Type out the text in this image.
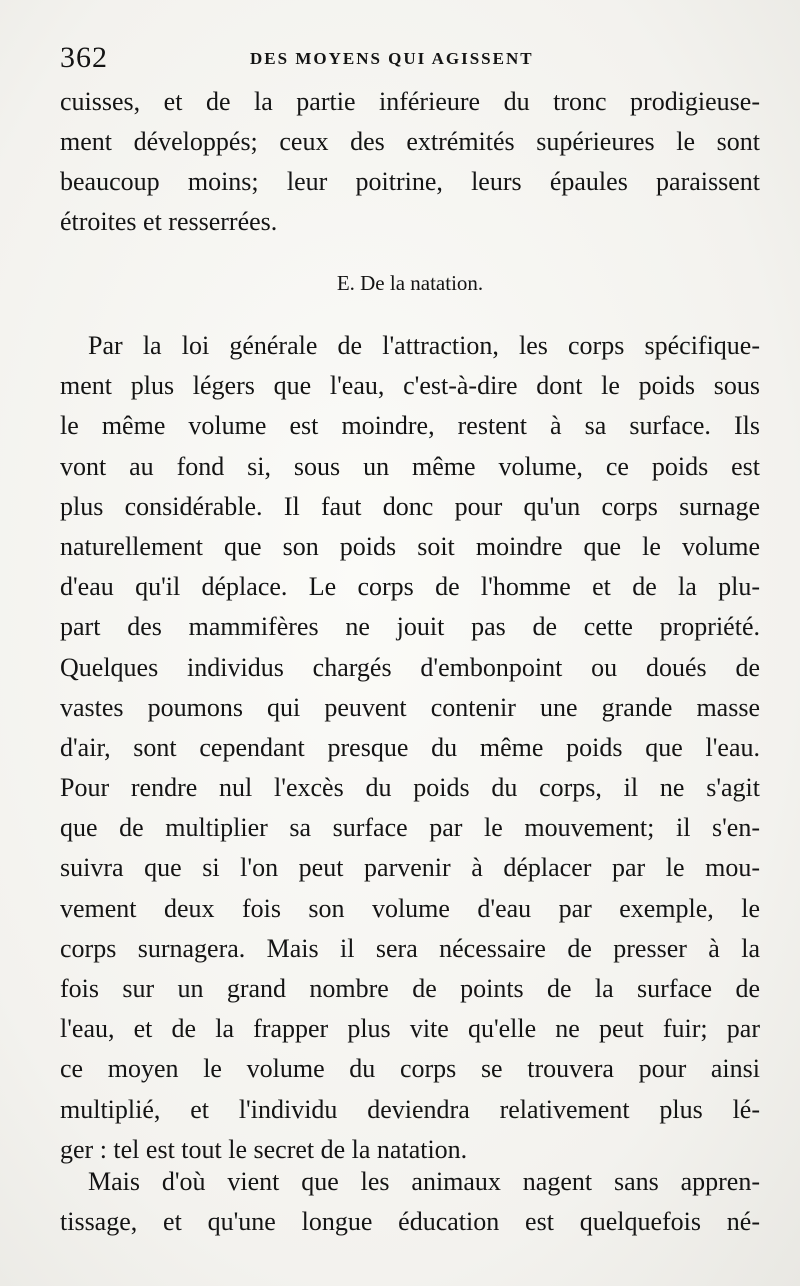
362	DES MOYENS QUI AGISSENT
cuisses, et de la partie inférieure du tronc prodigieuse-
ment développés; ceux des extrémités supérieures le sont
beaucoup moins; leur poitrine, leurs épaules paraissent
étroites et resserrées.
E. De la natation.
Par la loi générale de l'attraction, les corps spécifique-
ment plus légers que l'eau, c'est-à-dire dont le poids sous
le même volume est moindre, restent à sa surface. Ils
vont au fond si, sous un même volume, ce poids est
plus considérable. Il faut donc pour qu'un corps surnage
naturellement que son poids soit moindre que le volume
d'eau qu'il déplace. Le corps de l'homme et de la plu-
part des mammifères ne jouit pas de cette propriété.
Quelques individus chargés d'embonpoint ou doués de
vastes poumons qui peuvent contenir une grande masse
d'air, sont cependant presque du même poids que l'eau.
Pour rendre nul l'excès du poids du corps, il ne s'agit
que de multiplier sa surface par le mouvement; il s'en-
suivra que si l'on peut parvenir à déplacer par le mou-
vement deux fois son volume d'eau par exemple, le
corps surnagera. Mais il sera nécessaire de presser à la
fois sur un grand nombre de points de la surface de
l'eau, et de la frapper plus vite qu'elle ne peut fuir; par
ce moyen le volume du corps se trouvera pour ainsi
multiplié, et l'individu deviendra relativement plus lé-
ger : tel est tout le secret de la natation.
Mais d'où vient que les animaux nagent sans appren-
tissage, et qu'une longue éducation est quelquefois né-
